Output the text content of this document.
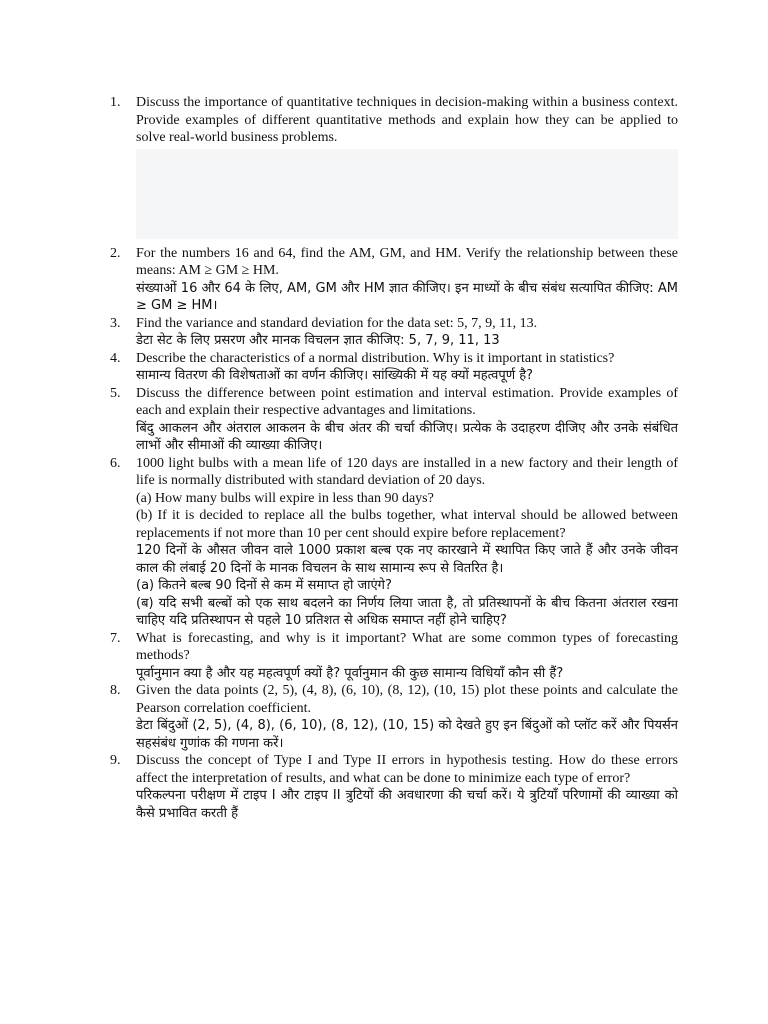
1.	Discuss the importance of quantitative techniques in decision-making within a business context. Provide examples of different quantitative methods and explain how they can be applied to solve real-world business problems.
2.	For the numbers 16 and 64, find the AM, GM, and HM. Verify the relationship between these means: AM ≥ GM ≥ HM.
संख्याओं 16 और 64 के लिए, AM, GM और HM ज्ञात कीजिए। इन माध्यों के बीच संबंध सत्यापित कीजिए: AM ≥ GM ≥ HM।
3.	Find the variance and standard deviation for the data set: 5, 7, 9, 11, 13.
डेटा सेट के लिए प्रसरण और मानक विचलन ज्ञात कीजिए: 5, 7, 9, 11, 13
4.	Describe the characteristics of a normal distribution. Why is it important in statistics?
सामान्य वितरण की विशेषताओं का वर्णन कीजिए। सांख्यिकी में यह क्यों महत्वपूर्ण है?
5.	Discuss the difference between point estimation and interval estimation. Provide examples of each and explain their respective advantages and limitations.
बिंदु आकलन और अंतराल आकलन के बीच अंतर की चर्चा कीजिए। प्रत्येक के उदाहरण दीजिए और उनके संबंधित लाभों और सीमाओं की व्याख्या कीजिए।
6.	1000 light bulbs with a mean life of 120 days are installed in a new factory and their length of life is normally distributed with standard deviation of 20 days.
(a) How many bulbs will expire in less than 90 days?
(b) If it is decided to replace all the bulbs together, what interval should be allowed between replacements if not more than 10 per cent should expire before replacement?
120 दिनों के औसत जीवन वाले 1000 प्रकाश बल्ब एक नए कारखाने में स्थापित किए जाते हैं और उनके जीवन काल की लंबाई 20 दिनों के मानक विचलन के साथ सामान्य रूप से वितरित है।
(a) कितने बल्ब 90 दिनों से कम में समाप्त हो जाएंगे?
(ब) यदि सभी बल्बों को एक साथ बदलने का निर्णय लिया जाता है, तो प्रतिस्थापनों के बीच कितना अंतराल रखना चाहिए यदि प्रतिस्थापन से पहले 10 प्रतिशत से अधिक समाप्त नहीं होने चाहिए?
7.	What is forecasting, and why is it important? What are some common types of forecasting methods?
पूर्वानुमान क्या है और यह महत्वपूर्ण क्यों है? पूर्वानुमान की कुछ सामान्य विधियाँ कौन सी हैं?
8.	Given the data points (2, 5), (4, 8), (6, 10), (8, 12), (10, 15) plot these points and calculate the Pearson correlation coefficient.
डेटा बिंदुओं (2, 5), (4, 8), (6, 10), (8, 12), (10, 15) को देखते हुए इन बिंदुओं को प्लॉट करें और पियर्सन सहसंबंध गुणांक की गणना करें।
9.	Discuss the concept of Type I and Type II errors in hypothesis testing. How do these errors affect the interpretation of results, and what can be done to minimize each type of error?
परिकल्पना परीक्षण में टाइप I और टाइप II त्रुटियों की अवधारणा की चर्चा करें। ये त्रुटियाँ परिणामों की व्याख्या को कैसे प्रभावित करती हैं
